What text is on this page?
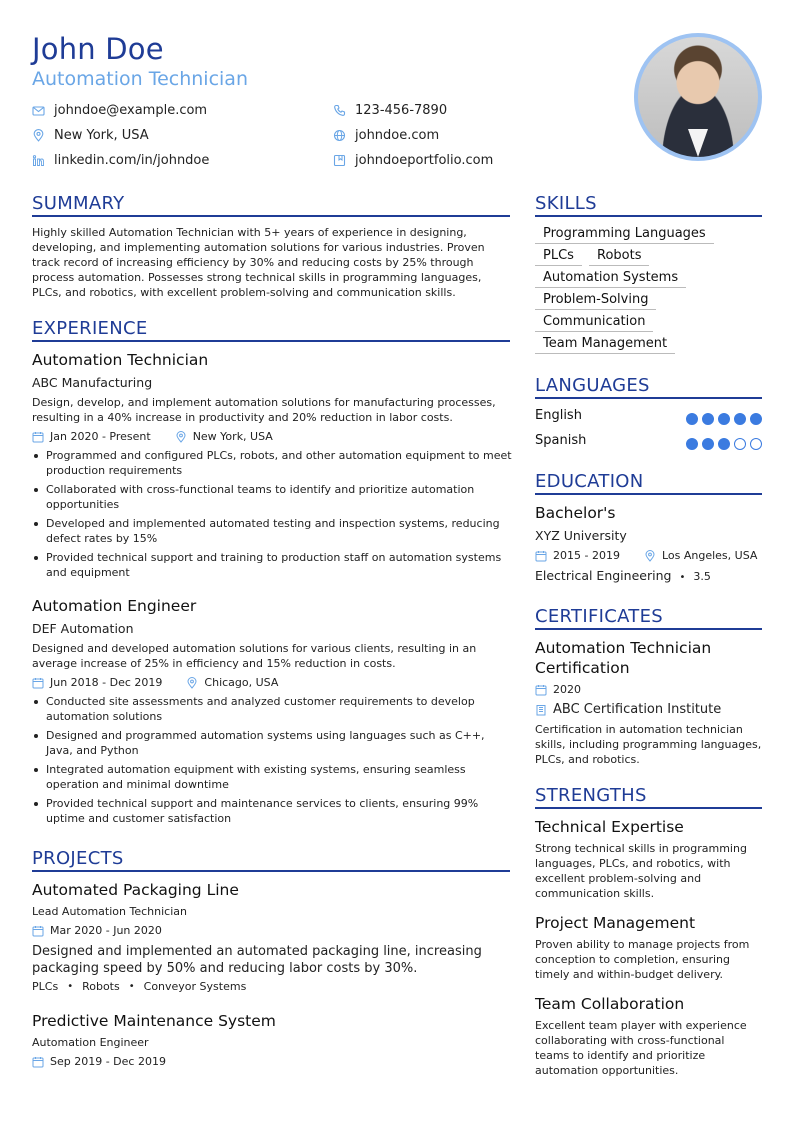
John Doe
Automation Technician
johndoe@example.com	123-456-7890
New York, USA	johndoe.com
linkedin.com/in/johndoe	johndoeportfolio.com
SUMMARY
Highly skilled Automation Technician with 5+ years of experience in designing, developing, and implementing automation solutions for various industries. Proven track record of increasing efficiency by 30% and reducing costs by 25% through process automation. Possesses strong technical skills in programming languages, PLCs, and robotics, with excellent problem-solving and communication skills.
EXPERIENCE
Automation Technician
ABC Manufacturing
Design, develop, and implement automation solutions for manufacturing processes, resulting in a 40% increase in productivity and 20% reduction in labor costs.
Jan 2020 - Present	New York, USA
Programmed and configured PLCs, robots, and other automation equipment to meet production requirements
Collaborated with cross-functional teams to identify and prioritize automation opportunities
Developed and implemented automated testing and inspection systems, reducing defect rates by 15%
Provided technical support and training to production staff on automation systems and equipment
Automation Engineer
DEF Automation
Designed and developed automation solutions for various clients, resulting in an average increase of 25% in efficiency and 15% reduction in costs.
Jun 2018 - Dec 2019	Chicago, USA
Conducted site assessments and analyzed customer requirements to develop automation solutions
Designed and programmed automation systems using languages such as C++, Java, and Python
Integrated automation equipment with existing systems, ensuring seamless operation and minimal downtime
Provided technical support and maintenance services to clients, ensuring 99% uptime and customer satisfaction
PROJECTS
Automated Packaging Line
Lead Automation Technician
Mar 2020 - Jun 2020
Designed and implemented an automated packaging line, increasing packaging speed by 50% and reducing labor costs by 30%.
PLCs • Robots • Conveyor Systems
Predictive Maintenance System
Automation Engineer
Sep 2019 - Dec 2019
SKILLS
Programming Languages
PLCs	Robots
Automation Systems
Problem-Solving
Communication
Team Management
LANGUAGES
English
Spanish
EDUCATION
Bachelor's
XYZ University
2015 - 2019	Los Angeles, USA
Electrical Engineering • 3.5
CERTIFICATES
Automation Technician
Certification
2020
ABC Certification Institute
Certification in automation technician skills, including programming languages, PLCs, and robotics.
STRENGTHS
Technical Expertise
Strong technical skills in programming languages, PLCs, and robotics, with excellent problem-solving and communication skills.
Project Management
Proven ability to manage projects from conception to completion, ensuring timely and within-budget delivery.
Team Collaboration
Excellent team player with experience collaborating with cross-functional teams to identify and prioritize automation opportunities.
